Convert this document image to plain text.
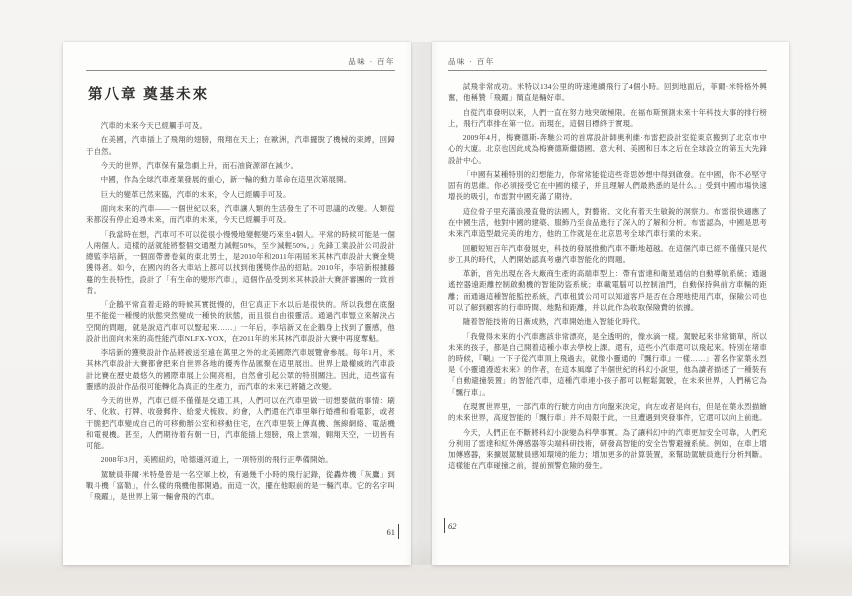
品味 · 百年
第八章 奠基未來

汽車的未來今天已經觸手可及。

在美國，汽車插上了飛翔的翅膀，飛翔在天上；在歐洲，汽車擺脫了機械的束縛，回歸于自然。

今天的世界，汽車保有量急劇上升，而石油資源卻在減少。

中國，作為全球汽車產業發展的重心，新一輪的動力革命在這里次第展開。

巨大的變革已然來臨，汽車的未來，令人已經觸手可及。

面向未來的汽車——一個世紀以來，汽車讓人類的生活發生了不可思議的改變。人類從來都沒有停止追尋未來，而汽車的未來，今天已經觸手可及。

「我當時在想，汽車可不可以從很小慢慢地變輕變巧來坐4個人。平常的時候可能是一個人兩個人。這樣的話就能將整個交通壓力減輕50%，至少減輕50%。」先鋒工業設計公司設計總監李培新，一個面帶書卷氣的東北男士，是2010年和2011年兩屆米其林汽車設計大賽金獎獲得者。如今，在國內的各大車站上都可以找到他獲獎作品的招貼。2010年，李培新根據藤蔓的生長特性，設計了「有生命的變形汽車」，這個作品受到米其林設計大賽評審團的一致首肯。

「企鵝平常直着走路的時候其實挺慢的，但它真正下水以后是很快的。所以我想在底盤里不能從一種慢的狀態突然變成一種快的狀態，而且很自由很靈活。通過汽車豎立來解決占空間的問題，就是說這汽車可以豎起來……」一年后，李培新又在企鵝身上找到了靈感，他設計出面向未來的高性能汽車NLFX-YOX，在2011年的米其林汽車設計大賽中再度奪魁。

李培新的獲獎設計作品將被送至遠在萬里之外的北美國際汽車展覽會參展。每年1月，米其林汽車設計大賽都會把來自世界各地的優秀作品匯聚在這里展出。世界上最權威的汽車設計比賽在歷史最悠久的國際車展上公開亮相，自然會引起公眾的特別關注。因此，這些富有靈感的設計作品很可能轉化為真正的生產力，而汽車的未來已將隨之改變。

今天的世界，汽車已經不僅僅是交通工具，人們可以在汽車里做一切想要做的事情：刷牙、化妝、打牌、收發郵件、給愛犬梳妝、約會，人們還在汽車里舉行婚禮和看電影，或者干脆把汽車變成自己的可移動辦公室和移動住宅，在汽車里裝上傳真機、無線網絡、電話機和電視機。甚至，人們期待着有朝一日，汽車能插上翅膀，飛上雲端，翱翔天空，一切皆有可能。

2008年3月，美國紐約，哈德遜河道上，一項特別的飛行正準備開始。

駕駛員菲爾·米特曼曾是一名空軍上校，有過幾千小時的飛行記錄，從轟炸機「灰鷹」到戰斗機「富勒」，什么樣的飛機他都開過。而這一次，擺在他眼前的是一輛汽車。它的名字叫「飛躍」，是世界上第一輛會飛的汽車。

61
品味 · 百年

試飛非常成功。米特以134公里的時速連續飛行了4個小時。回到地面后，菲爾·米特格外興奮，他稱贊「飛躍」簡直是輛好車。

自從汽車發明以來，人們一直在努力地突破極限。在福布斯預測未來十年科技大事的排行榜上，飛行汽車排在第一位。而現在，這個目標終于實現。

2009年4月，梅賽德斯-奔馳公司的首席設計師奧利維·布雷把設計室從東京搬到了北京市中心的大廈。北京也因此成為梅賽德斯繼德國、意大利、美國和日本之后在全球設立的第五大先鋒設計中心。

「中國有某種特別的幻想能力，你常常能從這些奇思妙想中得到啟發。在中國，你不必堅守固有的思維。你必須接受它在中國的樣子，并且理解人們最熟悉的是什么。」受到中國市場快速增長的吸引，布雷對中國充滿了期待。

這位骨子里充滿浪漫直覺的法國人，對藝術、文化有着天生敏銳的洞察力。布雷很快適應了在中國生活，他對中國的建築、服飾乃至食品進行了深入的了解和分析。布雷認為，中國是思考未來汽車造型最完美的地方，他的工作就是在北京思考全球汽車行業的未來。

回顧短短百年汽車發展史，科技的發展推動汽車不斷地超越。在這個汽車已經不僅僅只是代步工具的時代，人們開始認真考慮汽車智能化的問題。

革新，首先出現在各大廠商生產的高端車型上：帶有雷達和衛星通信的自動導航系統；通過遙控器遠距離控制啟動機的智能防盜系統；車載電腦可以控制油門，自動保持與前方車輛的距離；而通過這種智能監控系統，汽車租賃公司可以知道客戶是否在合理地使用汽車，保險公司也可以了解到顧客的行車時間、地點和距離，并以此作為收取保險費的依據。

隨着智能技術的日漸成熟，汽車開始進入智能化時代。

「我覺得未來的小汽車應該非常漂亮，是全透明的，像水滴一樣。駕駛起來非常簡單，所以未來的孩子，都是自己開着這種小車去學校上課。還有，這些小汽車還可以飛起來。特別在堵車的時候，『唰』一下子從汽車頂上飛過去，就像小靈通的『飄行車』一樣……」著名作家葉永烈是《小靈通漫遊未來》的作者，在這本風靡了半個世紀的科幻小說里，他為讀者描述了一種裝有「自動避撞裝置」的智能汽車，這種汽車連小孩子都可以輕鬆駕駛，在未來世界，人們稱它為「飄行車」。

在現實世界里，一部汽車的行駛方向由方向盤來決定，向左或者是向右，但是在葉永烈描繪的未來世界，高度智能的「飄行車」并不局限于此，一旦遭遇到突發事件，它還可以向上前進。

今天，人們正在不斷將科幻小說變為科學事實。為了讓科幻中的汽車更加安全可靠，人們充分利用了雷達和紅外傳感器等尖端科研技術，研發高智能的安全告警避撞系統。例如，在車上增加傳感器，來擴展駕駛員感知環境的能力；增加更多的計算裝置，來幫助駕駛員進行分析判斷。這樣能在汽車碰撞之前，提前預警危險的發生。

62
